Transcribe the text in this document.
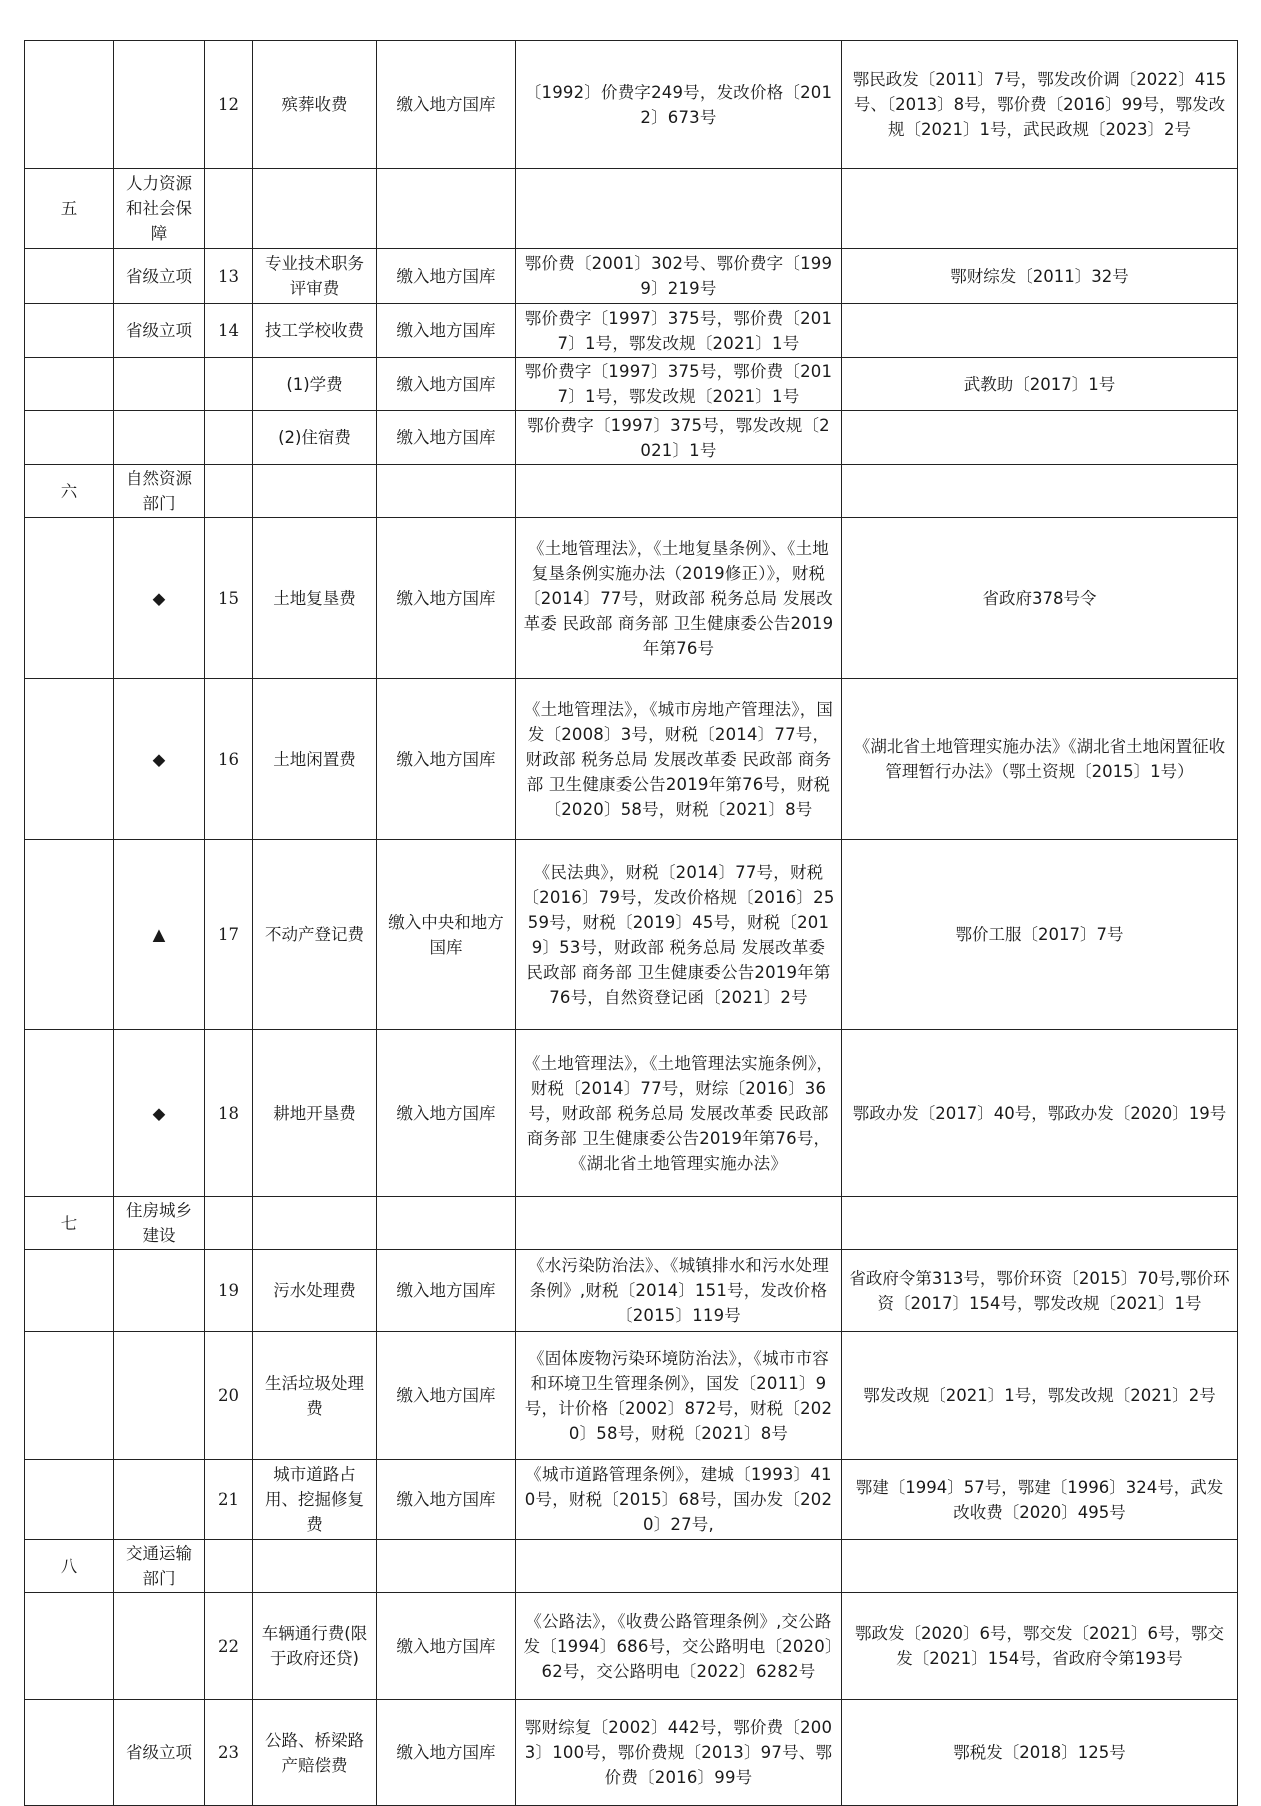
		12	殡葬收费	缴入地方国库	〔1992〕价费字249号，发改价格〔2012〕673号	鄂民政发〔2011〕7号，鄂发改价调〔2022〕415号、〔2013〕8号，鄂价费〔2016〕99号，鄂发改规〔2021〕1号，武民政规〔2023〕2号
五	人力资源和社会保障					
	省级立项	13	专业技术职务评审费	缴入地方国库	鄂价费〔2001〕302号、鄂价费字〔1999〕219号	鄂财综发〔2011〕32号
	省级立项	14	技工学校收费	缴入地方国库	鄂价费字〔1997〕375号，鄂价费〔2017〕1号，鄂发改规〔2021〕1号	
			(1)学费	缴入地方国库	鄂价费字〔1997〕375号，鄂价费〔2017〕1号，鄂发改规〔2021〕1号	武教助〔2017〕1号
			(2)住宿费	缴入地方国库	鄂价费字〔1997〕375号，鄂发改规〔2021〕1号	
六	自然资源部门					
	◆	15	土地复垦费	缴入地方国库	《土地管理法》，《土地复垦条例》、《土地复垦条例实施办法（2019修正）》，财税〔2014〕77号，财政部 税务总局 发展改革委 民政部 商务部 卫生健康委公告2019年第76号	省政府378号令
	◆	16	土地闲置费	缴入地方国库	《土地管理法》，《城市房地产管理法》，国发〔2008〕3号，财税〔2014〕77号，财政部 税务总局 发展改革委 民政部 商务部 卫生健康委公告2019年第76号，财税〔2020〕58号，财税〔2021〕8号	《湖北省土地管理实施办法》《湖北省土地闲置征收管理暂行办法》（鄂土资规〔2015〕1号）
	▲	17	不动产登记费	缴入中央和地方国库	《民法典》，财税〔2014〕77号，财税〔2016〕79号，发改价格规〔2016〕2559号，财税〔2019〕45号，财税〔2019〕53号，财政部 税务总局 发展改革委 民政部 商务部 卫生健康委公告2019年第76号，自然资登记函〔2021〕2号	鄂价工服〔2017〕7号
	◆	18	耕地开垦费	缴入地方国库	《土地管理法》，《土地管理法实施条例》，财税〔2014〕77号，财综〔2016〕36号，财政部 税务总局 发展改革委 民政部 商务部 卫生健康委公告2019年第76号，《湖北省土地管理实施办法》	鄂政办发〔2017〕40号，鄂政办发〔2020〕19号
七	住房城乡建设					
		19	污水处理费	缴入地方国库	《水污染防治法》、《城镇排水和污水处理条例》,财税〔2014〕151号，发改价格〔2015〕119号	省政府令第313号，鄂价环资〔2015〕70号,鄂价环资〔2017〕154号，鄂发改规〔2021〕1号
		20	生活垃圾处理费	缴入地方国库	《固体废物污染环境防治法》，《城市市容和环境卫生管理条例》，国发〔2011〕9号，计价格〔2002〕872号，财税〔2020〕58号，财税〔2021〕8号	鄂发改规〔2021〕1号，鄂发改规〔2021〕2号
		21	城市道路占用、挖掘修复费	缴入地方国库	《城市道路管理条例》，建城〔1993〕410号，财税〔2015〕68号，国办发〔2020〕27号,	鄂建〔1994〕57号，鄂建〔1996〕324号，武发改收费〔2020〕495号
八	交通运输部门					
		22	车辆通行费(限于政府还贷)	缴入地方国库	《公路法》，《收费公路管理条例》,交公路发〔1994〕686号，交公路明电〔2020〕62号，交公路明电〔2022〕6282号	鄂政发〔2020〕6号，鄂交发〔2021〕6号，鄂交发〔2021〕154号，省政府令第193号
	省级立项	23	公路、桥梁路产赔偿费	缴入地方国库	鄂财综复〔2002〕442号，鄂价费〔2003〕100号，鄂价费规〔2013〕97号、鄂价费〔2016〕99号	鄂税发〔2018〕125号
